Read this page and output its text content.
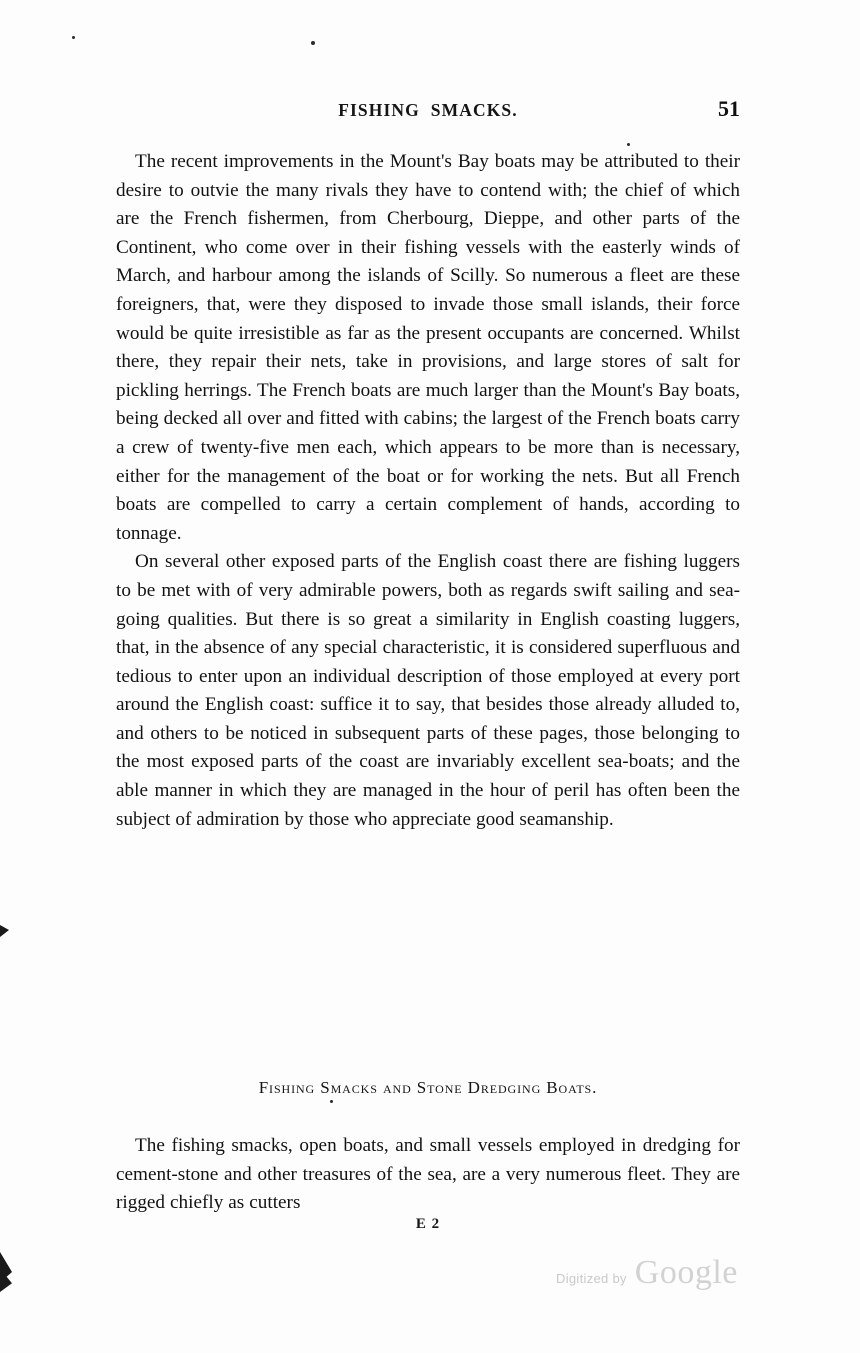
FISHING  SMACKS.	51

The recent improvements in the Mount's Bay boats may be attributed to their desire to outvie the many rivals they have to contend with; the chief of which are the French fishermen, from Cherbourg, Dieppe, and other parts of the Continent, who come over in their fishing vessels with the easterly winds of March, and harbour among the islands of Scilly. So numerous a fleet are these foreigners, that, were they disposed to invade those small islands, their force would be quite irresistible as far as the present occupants are concerned. Whilst there, they repair their nets, take in provisions, and large stores of salt for pickling herrings. The French boats are much larger than the Mount's Bay boats, being decked all over and fitted with cabins; the largest of the French boats carry a crew of twenty-five men each, which appears to be more than is necessary, either for the management of the boat or for working the nets. But all French boats are compelled to carry a certain complement of hands, according to tonnage.

On several other exposed parts of the English coast there are fishing luggers to be met with of very admirable powers, both as regards swift sailing and sea-going qualities. But there is so great a similarity in English coasting luggers, that, in the absence of any special characteristic, it is considered superfluous and tedious to enter upon an individual description of those employed at every port around the English coast: suffice it to say, that besides those already alluded to, and others to be noticed in subsequent parts of these pages, those belonging to the most exposed parts of the coast are invariably excellent sea-boats; and the able manner in which they are managed in the hour of peril has often been the subject of admiration by those who appreciate good seamanship.

Fishing Smacks and Stone Dredging Boats.

The fishing smacks, open boats, and small vessels employed in dredging for cement-stone and other treasures of the sea, are a very numerous fleet. They are rigged chiefly as cutters

E 2
Digitized by Google
